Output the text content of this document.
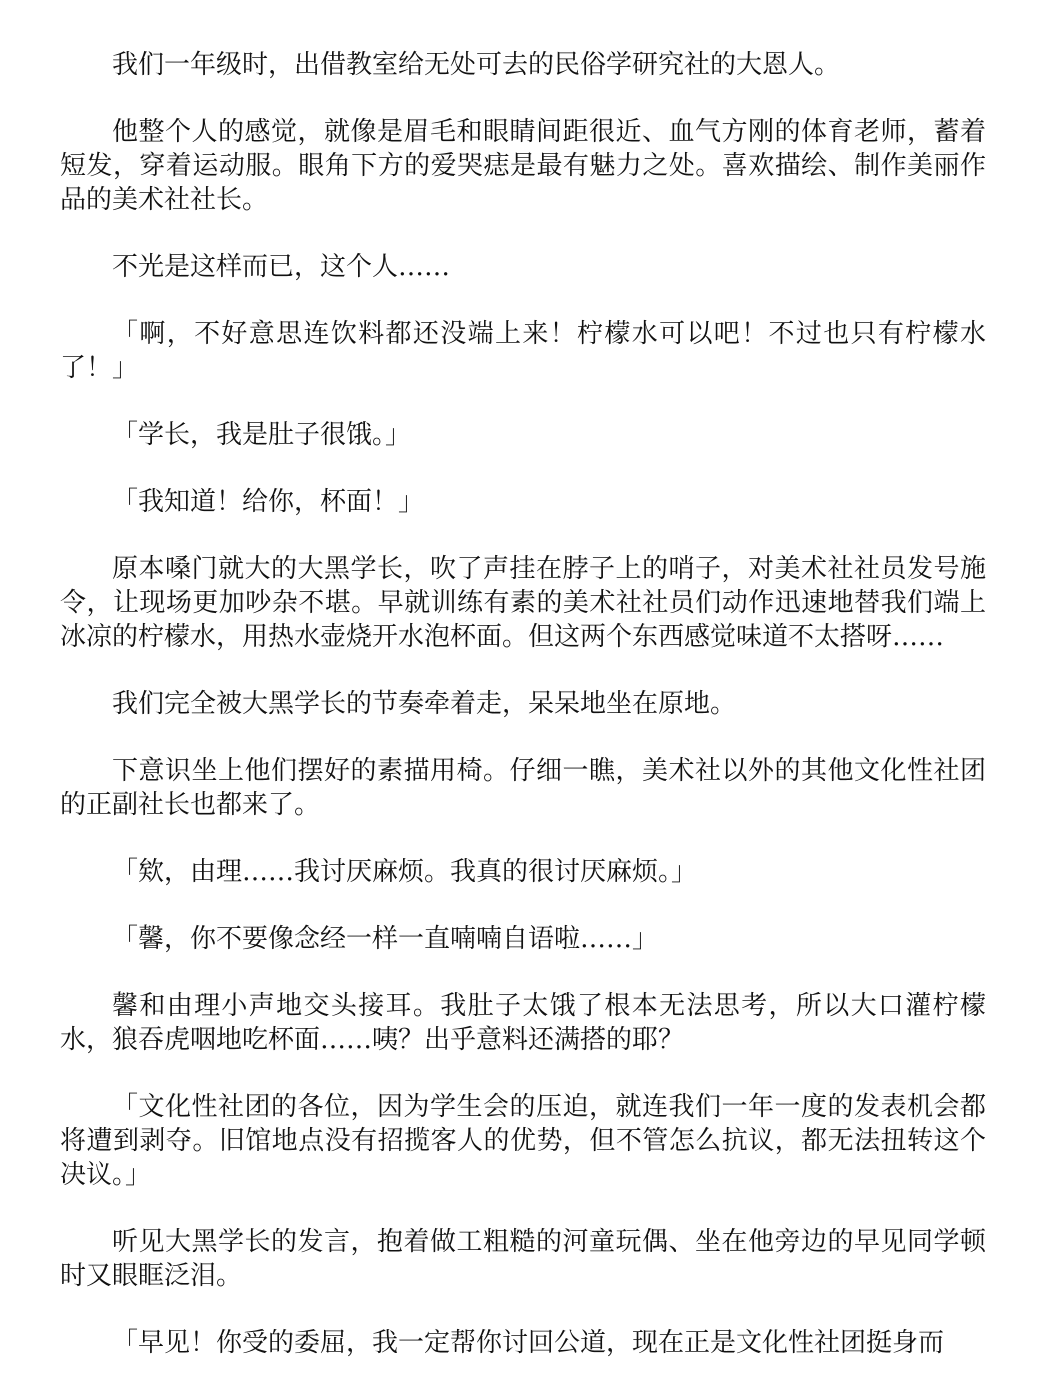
我们一年级时，出借教室给无处可去的民俗学研究社的大恩人。

他整个人的感觉，就像是眉毛和眼睛间距很近、血气方刚的体育老师，蓄着短发，穿着运动服。眼角下方的爱哭痣是最有魅力之处。喜欢描绘、制作美丽作品的美术社社长。

不光是这样而已，这个人……

「啊，不好意思连饮料都还没端上来！柠檬水可以吧！不过也只有柠檬水了！」

「学长，我是肚子很饿。」

「我知道！给你，杯面！」

原本嗓门就大的大黑学长，吹了声挂在脖子上的哨子，对美术社社员发号施令，让现场更加吵杂不堪。早就训练有素的美术社社员们动作迅速地替我们端上冰凉的柠檬水，用热水壶烧开水泡杯面。但这两个东西感觉味道不太搭呀……

我们完全被大黑学长的节奏牵着走，呆呆地坐在原地。

下意识坐上他们摆好的素描用椅。仔细一瞧，美术社以外的其他文化性社团的正副社长也都来了。

「欸，由理……我讨厌麻烦。我真的很讨厌麻烦。」

「馨，你不要像念经一样一直喃喃自语啦……」

馨和由理小声地交头接耳。我肚子太饿了根本无法思考，所以大口灌柠檬水，狼吞虎咽地吃杯面……咦？出乎意料还满搭的耶？

「文化性社团的各位，因为学生会的压迫，就连我们一年一度的发表机会都将遭到剥夺。旧馆地点没有招揽客人的优势，但不管怎么抗议，都无法扭转这个决议。」

听见大黑学长的发言，抱着做工粗糙的河童玩偶、坐在他旁边的早见同学顿时又眼眶泛泪。

「早见！你受的委屈，我一定帮你讨回公道，现在正是文化性社团挺身而
